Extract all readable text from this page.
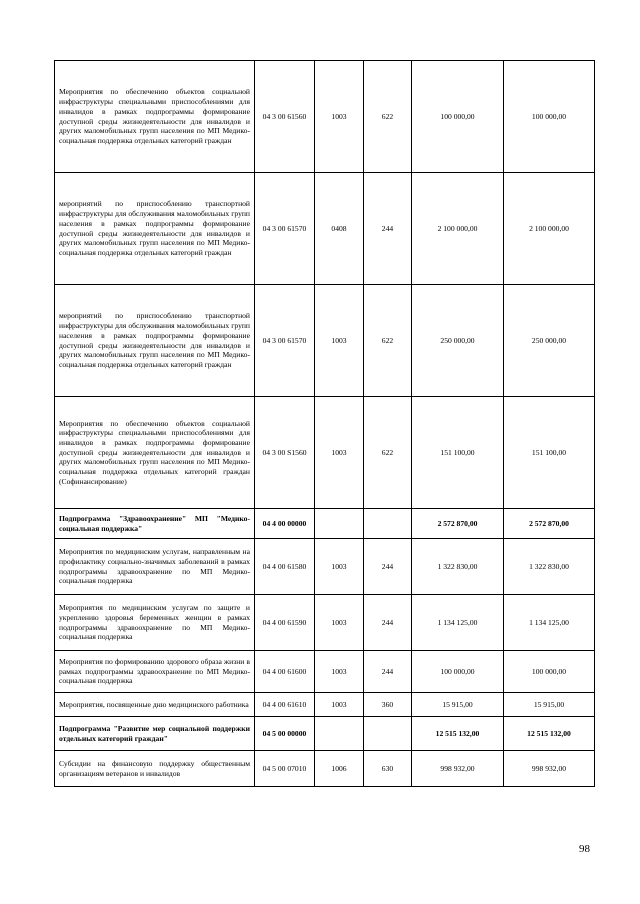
Мероприятия по обеспечению объектов социальной инфраструктуры специальными приспособлениями для инвалидов в рамках подпрограммы формирование доступной среды жизнедеятельности для инвалидов и других маломобильных групп населения по МП Медико-социальная поддержка отдельных категорий граждан	04 3 00 61560	1003	622	100 000,00	100 000,00
мероприятий по приспособлению транспортной инфраструктуры для обслуживания маломобильных групп населения в рамках подпрограммы формирование доступной среды жизнедеятельности для инвалидов и других маломобильных групп населения по МП Медико-социальная поддержка отдельных категорий граждан	04 3 00 61570	0408	244	2 100 000,00	2 100 000,00
мероприятий по приспособлению транспортной инфраструктуры для обслуживания маломобильных групп населения в рамках подпрограммы формирование доступной среды жизнедеятельности для инвалидов и других маломобильных групп населения по МП Медико-социальная поддержка отдельных категорий граждан	04 3 00 61570	1003	622	250 000,00	250 000,00
Мероприятия по обеспечению объектов социальной инфраструктуры специальными приспособлениями для инвалидов в рамках подпрограммы формирование доступной среды жизнедеятельности для инвалидов и других маломобильных групп населения по МП Медико-социальная поддержка отдельных категорий граждан (Софинансирование)	04 3 00 S1560	1003	622	151 100,00	151 100,00
Подпрограмма "Здравоохранение" МП "Медико-социальная поддержка"	04 4 00 00000			2 572 870,00	2 572 870,00
Мероприятия по медицинским услугам, направленным на профилактику социально-значимых заболеваний в рамках подпрограммы здравоохранение по МП Медико-социальная поддержка	04 4 00 61580	1003	244	1 322 830,00	1 322 830,00
Мероприятия по медицинским услугам по защите и укреплению здоровья беременных женщин в рамках подпрограммы здравоохранение по МП Медико-социальная поддержка	04 4 00 61590	1003	244	1 134 125,00	1 134 125,00
Мероприятия по формированию здорового образа жизни в рамках подпрограммы здравоохранение по МП Медико-социальная поддержка	04 4 00 61600	1003	244	100 000,00	100 000,00
Мероприятия, посвященные дню медицинского работника	04 4 00 61610	1003	360	15 915,00	15 915,00
Подпрограмма "Развитие мер социальной поддержки отдельных категорий граждан"	04 5 00 00000			12 515 132,00	12 515 132,00
Субсидии на финансовую поддержку общественным организациям ветеранов и инвалидов	04 5 00 07010	1006	630	998 932,00	998 932,00
98
